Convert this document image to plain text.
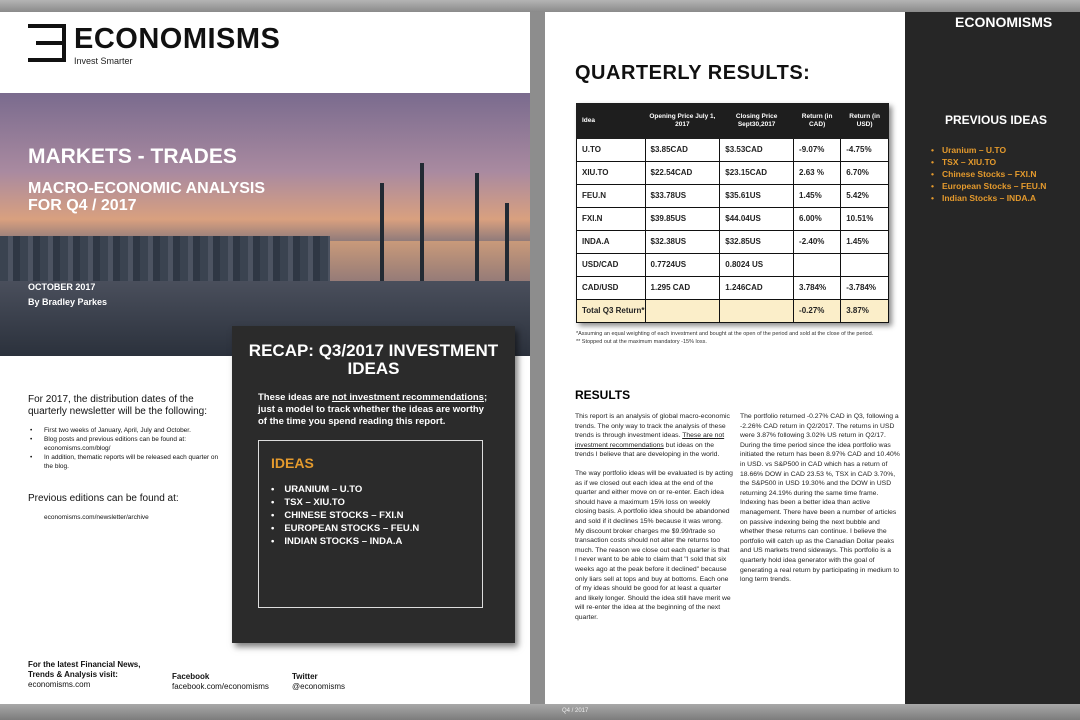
ECONOMISMS
Invest Smarter
MARKETS - TRADES
MACRO-ECONOMIC ANALYSIS FOR Q4 / 2017
OCTOBER 2017
By Bradley Parkes
RECAP: Q3/2017 INVESTMENT IDEAS
These ideas are not investment recommendations; just a model to track whether the ideas are worthy of the time you spend reading this report.
IDEAS
• URANIUM – U.TO
• TSX – XIU.TO
• CHINESE STOCKS – FXI.N
• EUROPEAN STOCKS – FEU.N
• INDIAN STOCKS – INDA.A
For 2017, the distribution dates of the quarterly newsletter will be the following:
• First two weeks of January, April, July and October.
• Blog posts and previous editions can be found at: economisms.com/blog/
• In addition, thematic reports will be released each quarter on the blog.
Previous editions can be found at:
economisms.com/newsletter/archive
For the latest Financial News, Trends & Analysis visit:
economisms.com
Facebook
facebook.com/economisms
Twitter
@economisms
PREVIOUS IDEAS
• Uranium – U.TO
• TSX – XIU.TO
• Chinese Stocks – FXI.N
• European Stocks – FEU.N
• Indian Stocks – INDA.A
ECONOMISMS
QUARTERLY RESULTS:
Idea	Opening Price July 1, 2017	Closing Price Sept30,2017	Return (in CAD)	Return (in USD)
U.TO	$3.85CAD	$3.53CAD	-9.07%	-4.75%
XIU.TO	$22.54CAD	$23.15CAD	2.63 %	6.70%
FEU.N	$33.78US	$35.61US	1.45%	5.42%
FXI.N	$39.85US	$44.04US	6.00%	10.51%
INDA.A	$32.38US	$32.85US	-2.40%	1.45%
USD/CAD	0.7724US	0.8024 US		
CAD/USD	1.295 CAD	1.246CAD	3.784%	-3.784%
Total Q3 Return*			-0.27%	3.87%
*Assuming an equal weighting of each investment and bought at the open of the period and sold at the close of the period.
** Stopped out at the maximum mandatory -15% loss.
RESULTS

This report is an analysis of global macro-economic trends. The only way to track the analysis of these trends is through investment ideas. These are not investment recommendations but ideas on the trends I believe that are developing in the world.

The way portfolio ideas will be evaluated is by acting as if we closed out each idea at the end of the quarter and either move on or re-enter. Each idea should have a maximum 15% loss on weekly closing basis. A portfolio idea should be abandoned and sold if it declines 15% because it was wrong. My discount broker charges me $9.99/trade so transaction costs should not alter the returns too much. The reason we close out each quarter is that I never want to be able to claim that "I sold that six weeks ago at the peak before it declined" because only liars sell at tops and buy at bottoms. Each one of my ideas should be good for at least a quarter and likely longer. Should the idea still have merit we will re-enter the idea at the beginning of the next quarter.

The portfolio returned -0.27% CAD in Q3, following a -2.26% CAD return in Q2/2017. The returns in USD were 3.87% following 3.02% US return in Q2/17. During the time period since the idea portfolio was initiated the return has been 8.97% CAD and 10.40% in USD. vs S&P500 in CAD which has a return of 18.66% DOW in CAD 23.53 %, TSX in CAD 3.70%, the S&P500 in USD 19.30% and the DOW in USD returning 24.19% during the same time frame. Indexing has been a better idea than active management. There have been a number of articles on passive indexing being the next bubble and whether these returns can continue. I believe the portfolio will catch up as the Canadian Dollar peaks and US markets trend sideways. This portfolio is a quarterly hold idea generator with the goal of generating a real return by participating in medium to long term trends.

Q4 / 2017
